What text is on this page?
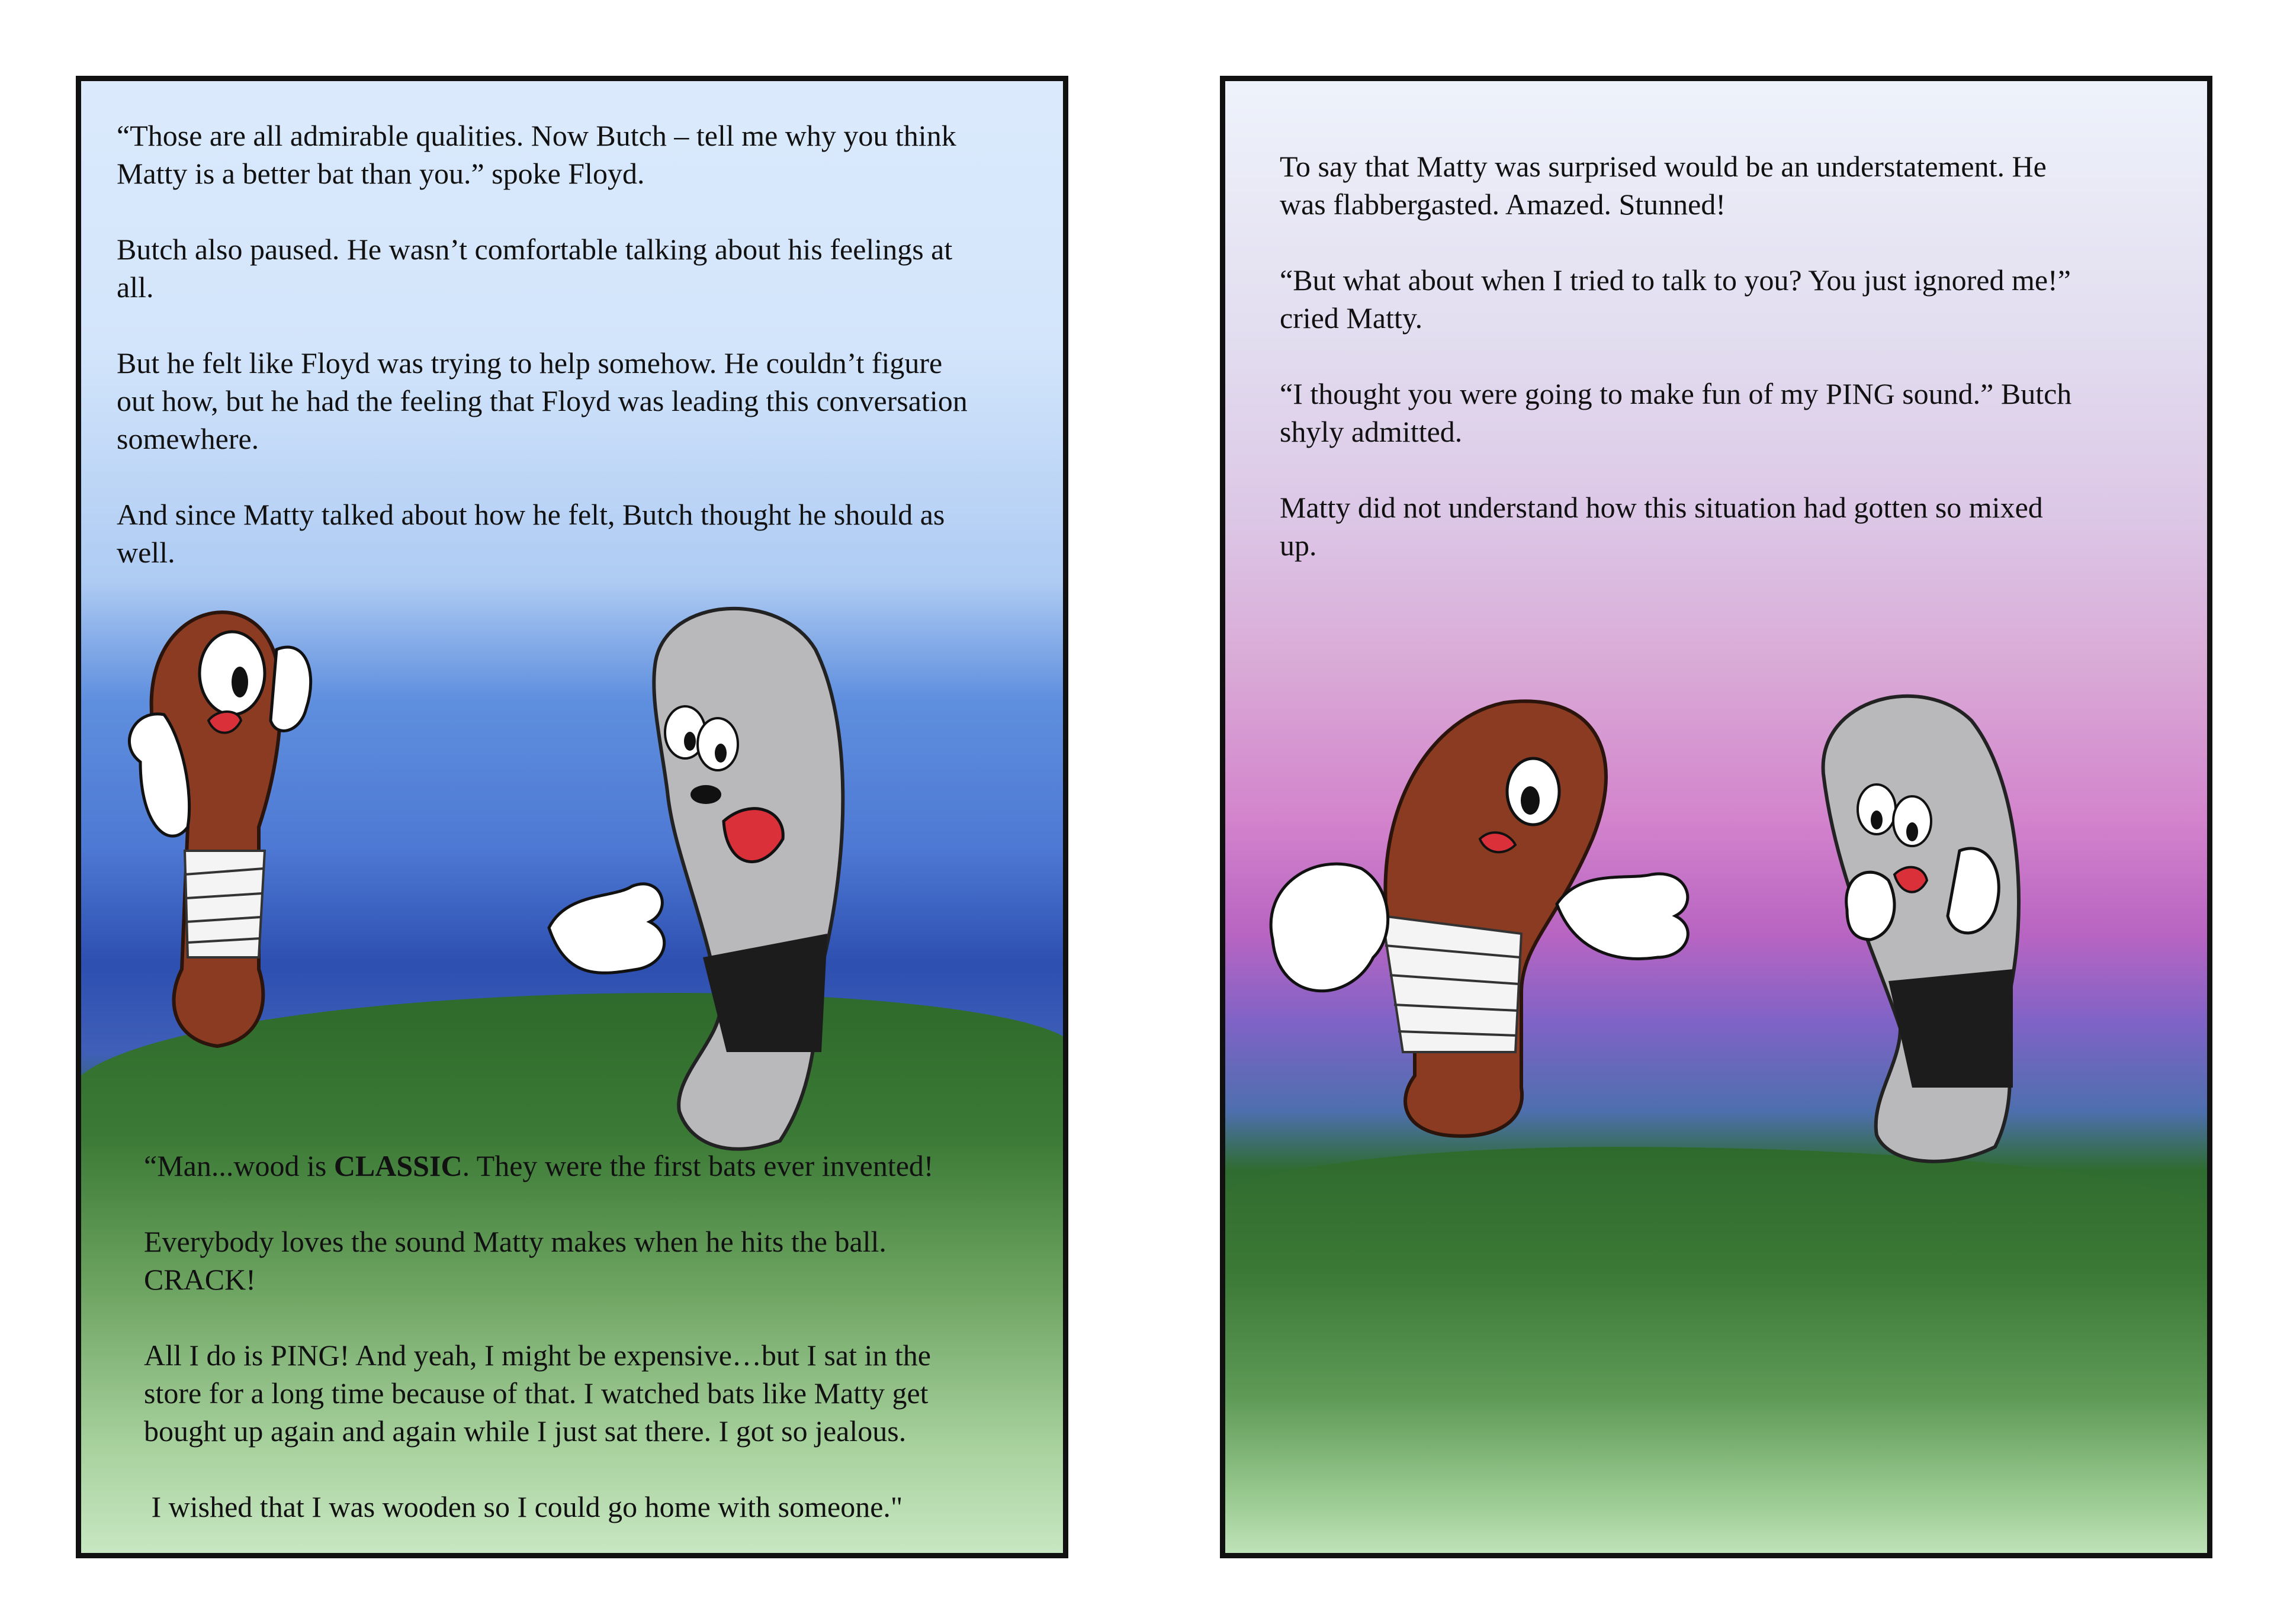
“Those are all admirable qualities. Now Butch – tell me why you think
Matty is a better bat than you.” spoke Floyd.

Butch also paused. He wasn’t comfortable talking about his feelings at
all.

But he felt like Floyd was trying to help somehow. He couldn’t figure
out how, but he had the feeling that Floyd was leading this conversation
somewhere.

And since Matty talked about how he felt, Butch thought he should as
well.

“Man...wood is CLASSIC. They were the first bats ever invented!

Everybody loves the sound Matty makes when he hits the ball.
CRACK!

All I do is PING! And yeah, I might be expensive…but I sat in the
store for a long time because of that. I watched bats like Matty get
bought up again and again while I just sat there. I got so jealous.

I wished that I was wooden so I could go home with someone."

To say that Matty was surprised would be an understatement. He
was flabbergasted. Amazed. Stunned!

“But what about when I tried to talk to you? You just ignored me!”
cried Matty.

“I thought you were going to make fun of my PING sound.” Butch
shyly admitted.

Matty did not understand how this situation had gotten so mixed
up.
